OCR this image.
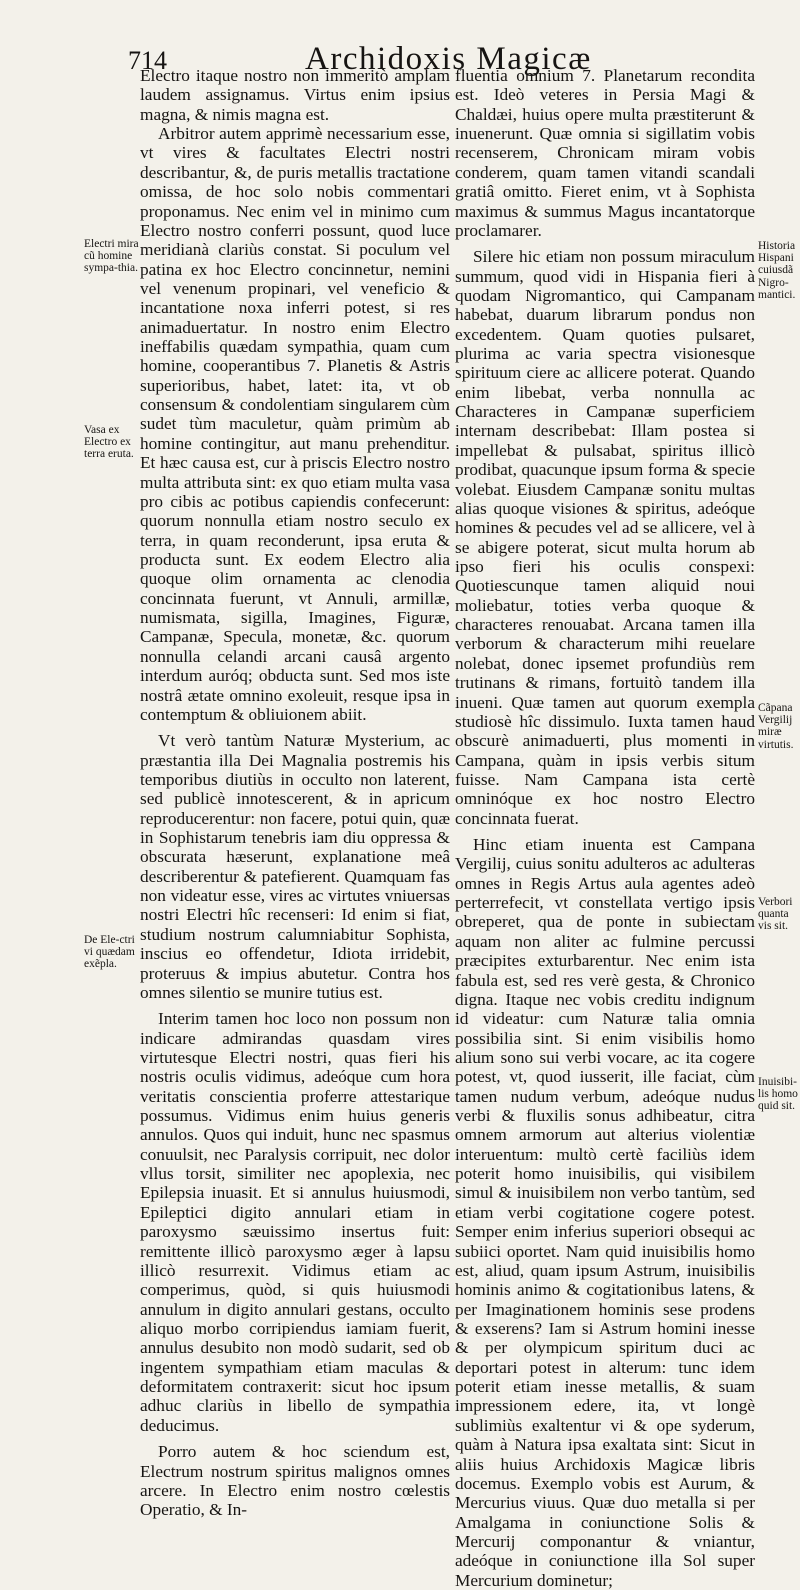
714	Archidoxis Magicæ

Electro itaque nostro non immeritò amplam laudem assignamus. Virtus enim ipsius magna, & nimis magna est.

Arbitror autem apprimè necessarium esse, vt vires & facultates Electri nostri describantur, &, de puris metallis tractatione omissa, de hoc solo nobis commentari proponamus. Nec enim vel in minimo cum Electro nostro conferri possunt, quod luce meridianà clariùs constat. Si poculum vel patina ex hoc Electro concinnetur, nemini vel venenum propinari, vel veneficio & incantatione noxa inferri potest, si res animaduertatur. In nostro enim Electro ineffabilis quædam sympathia, quam cum homine, cooperantibus 7. Planetis & Astris superioribus, habet, latet: ita, vt ob consensum & condolentiam singularem cùm sudet tùm maculetur, quàm primùm ab homine contingitur, aut manu prehenditur. Et hæc causa est, cur à priscis Electro nostro multa attributa sint: ex quo etiam multa vasa pro cibis ac potibus capiendis confecerunt: quorum nonnulla etiam nostro seculo ex terra, in quam reconderunt, ipsa eruta & producta sunt. Ex eodem Electro alia quoque olim ornamenta ac clenodia concinnata fuerunt, vt Annuli, armillæ, numismata, sigilla, Imagines, Figuræ, Campanæ, Specula, monetæ, &c. quorum nonnulla celandi arcani causâ argento interdum auróq; obducta sunt. Sed mos iste nostrâ ætate omnino exoleuit, resque ipsa in contemptum & obliuionem abiit.

Vt verò tantùm Naturæ Mysterium, ac præstantia illa Dei Magnalia postremis his temporibus diutiùs in occulto non laterent, sed publicè innotescerent, & in apricum reproducerentur: non facere, potui quin, quæ in Sophistarum tenebris iam diu oppressa & obscurata hæserunt, explanatione meâ describerentur & patefierent. Quamquam fas non videatur esse, vires ac virtutes vniuersas nostri Electri hîc recenseri: Id enim si fiat, studium nostrum calumniabitur Sophista, inscius eo offendetur, Idiota irridebit, proteruus & impius abutetur. Contra hos omnes silentio se munire tutius est.

Interim tamen hoc loco non possum non indicare admirandas quasdam vires virtutesque Electri nostri, quas fieri his nostris oculis vidimus, adeóque cum hora veritatis conscientia proferre attestarique possumus. Vidimus enim huius generis annulos. Quos qui induit, hunc nec spasmus conuulsit, nec Paralysis corripuit, nec dolor vllus torsit, similiter nec apoplexia, nec Epilepsia inuasit. Et si annulus huiusmodi, Epileptici digito annulari etiam in paroxysmo sæuissimo insertus fuit: remittente illicò paroxysmo æger à lapsu illicò resurrexit. Vidimus etiam ac comperimus, quòd, si quis huiusmodi annulum in digito annulari gestans, occulto aliquo morbo corripiendus iamiam fuerit, annulus desubito non modò sudarit, sed ob ingentem sympathiam etiam maculas & deformitatem contraxerit: sicut hoc ipsum adhuc clariùs in libello de sympathia deducimus.

Porro autem & hoc sciendum est, Electrum nostrum spiritus malignos omnes arcere. In Electro enim nostro cœlestis Operatio, & In-

fluentia omnium 7. Planetarum recondita est. Ideò veteres in Persia Magi & Chaldæi, huius opere multa præstiterunt & inuenerunt. Quæ omnia si sigillatim vobis recenserem, Chronicam miram vobis conderem, quam tamen vitandi scandali gratiâ omitto. Fieret enim, vt à Sophista maximus & summus Magus incantatorque proclamarer.

Silere hic etiam non possum miraculum summum, quod vidi in Hispania fieri à quodam Nigromantico, qui Campanam habebat, duarum librarum pondus non excedentem. Quam quoties pulsaret, plurima ac varia spectra visionesque spirituum ciere ac allicere poterat. Quando enim libebat, verba nonnulla ac Characteres in Campanæ superficiem internam describebat: Illam postea si impellebat & pulsabat, spiritus illicò prodibat, quacunque ipsum forma & specie volebat. Eiusdem Campanæ sonitu multas alias quoque visiones & spiritus, adeóque homines & pecudes vel ad se allicere, vel à se abigere poterat, sicut multa horum ab ipso fieri his oculis conspexi: Quotiescunque tamen aliquid noui moliebatur, toties verba quoque & characteres renouabat. Arcana tamen illa verborum & characterum mihi reuelare nolebat, donec ipsemet profundiùs rem trutinans & rimans, fortuitò tandem illa inueni. Quæ tamen aut quorum exempla studiosè hîc dissimulo. Iuxta tamen haud obscurè animaduerti, plus momenti in Campana, quàm in ipsis verbis situm fuisse. Nam Campana ista certè omninóque ex hoc nostro Electro concinnata fuerat.

Hinc etiam inuenta est Campana Vergilij, cuius sonitu adulteros ac adulteras omnes in Regis Artus aula agentes adeò perterrefecit, vt constellata vertigo ipsis obreperet, qua de ponte in subiectam aquam non aliter ac fulmine percussi præcipites exturbarentur. Nec enim ista fabula est, sed res verè gesta, & Chronico digna. Itaque nec vobis creditu indignum id videatur: cum Naturæ talia omnia possibilia sint. Si enim visibilis homo alium sono sui verbi vocare, ac ita cogere potest, vt, quod iusserit, ille faciat, cùm tamen nudum verbum, adeóque nudus verbi & fluxilis sonus adhibeatur, citra omnem armorum aut alterius violentiæ interuentum: multò certè faciliùs idem poterit homo inuisibilis, qui visibilem simul & inuisibilem non verbo tantùm, sed etiam verbi cogitatione cogere potest. Semper enim inferius superiori obsequi ac subiici oportet. Nam quid inuisibilis homo est, aliud, quam ipsum Astrum, inuisibilis hominis animo & cogitationibus latens, & per Imaginationem hominis sese prodens & exserens? Iam si Astrum homini inesse & per olympicum spiritum duci ac deportari potest in alterum: tunc idem poterit etiam inesse metallis, & suam impressionem edere, ita, vt longè sublimiùs exaltentur vi & ope syderum, quàm à Natura ipsa exaltata sint: Sicut in aliis huius Archidoxis Magicæ libris docemus. Exemplo vobis est Aurum, & Mercurius viuus. Quæ duo metalla si per Amalgama in coniunctione Solis & Mercurij componantur & vniantur, adeóque in coniunctione illa Sol super Mercurium dominetur;

Electri mira cũ homine sympa-thia.
Vasa ex Electro ex terra eruta.
De Ele-ctri vi quædam exẽpla.
Historia Hispani cuiusdã Nigro-mantici.
Cãpana Vergilij miræ virtutis.
Verbori quanta vis sit.
Inuisibi-lis homo quid sit.
